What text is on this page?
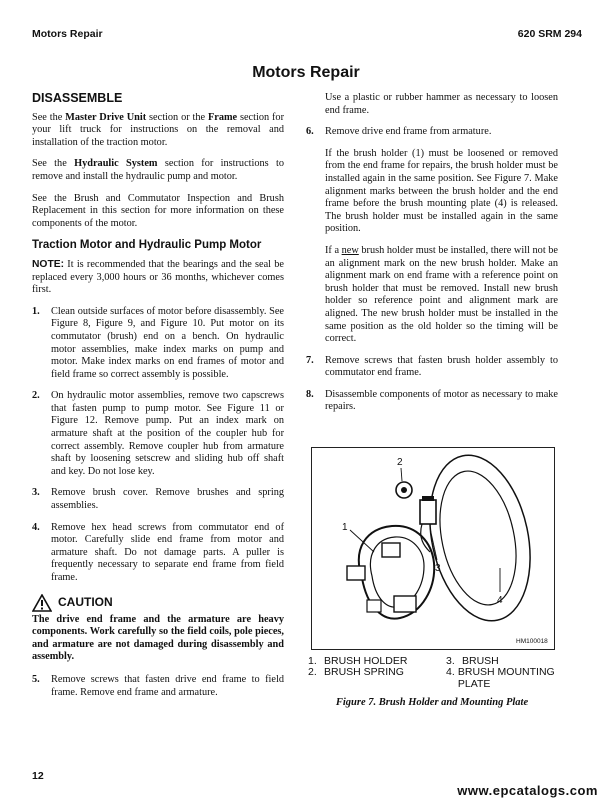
Motors Repair	620 SRM 294
Motors Repair
DISASSEMBLE

See the Master Drive Unit section or the Frame section for your lift truck for instructions on the removal and installation of the traction motor.

See the Hydraulic System section for instructions to remove and install the hydraulic pump and motor.

See the Brush and Commutator Inspection and Brush Replacement in this section for more information on these components of the motor.

Traction Motor and Hydraulic Pump Motor

NOTE: It is recommended that the bearings and the seal be replaced every 3,000 hours or 36 months, whichever comes first.

1.	Clean outside surfaces of motor before disassembly. See Figure 8, Figure 9, and Figure 10. Put motor on its commutator (brush) end on a bench. On hydraulic motor assemblies, make index marks on pump and motor. Make index marks on end frames of motor and field frame so correct assembly is possible.
2.	On hydraulic motor assemblies, remove two capscrews that fasten pump to pump motor. See Figure 11 or Figure 12. Remove pump. Put an index mark on armature shaft at the position of the coupler hub for correct assembly. Remove coupler hub from armature shaft by loosening setscrew and sliding hub off shaft and key. Do not lose key.
3.	Remove brush cover. Remove brushes and spring assemblies.
4.	Remove hex head screws from commutator end of motor. Carefully slide end frame from motor and armature shaft. Do not damage parts. A puller is frequently necessary to separate end frame from field frame.
CAUTION
The drive end frame and the armature are heavy components. Work carefully so the field coils, pole pieces, and armature are not damaged during disassembly and assembly.
5.	Remove screws that fasten drive end frame to field frame. Remove end frame and armature.

Use a plastic or rubber hammer as necessary to loosen end frame.

6.	Remove drive end frame from armature.

If the brush holder (1) must be loosened or removed from the end frame for repairs, the brush holder must be installed again in the same position. See Figure 7. Make alignment marks between the brush holder and the end frame before the brush mounting plate (4) is released. The brush holder must be installed again in the same position.

If a new brush holder must be installed, there will not be an alignment mark on the new brush holder. Make an alignment mark on end frame with a reference point on brush holder that must be removed. Install new brush holder so reference point and alignment mark are aligned. The new brush holder must be installed in the same position as the old holder so the timing will be correct.

7.	Remove screws that fasten brush holder assembly to commutator end frame.
8.	Disassemble components of motor as necessary to make repairs.
1
2
3
4
HM100018
1. BRUSH HOLDER
2. BRUSH SPRING
3. BRUSH
4. BRUSH MOUNTING PLATE
Figure 7. Brush Holder and Mounting Plate
12
www.epcatalogs.com
